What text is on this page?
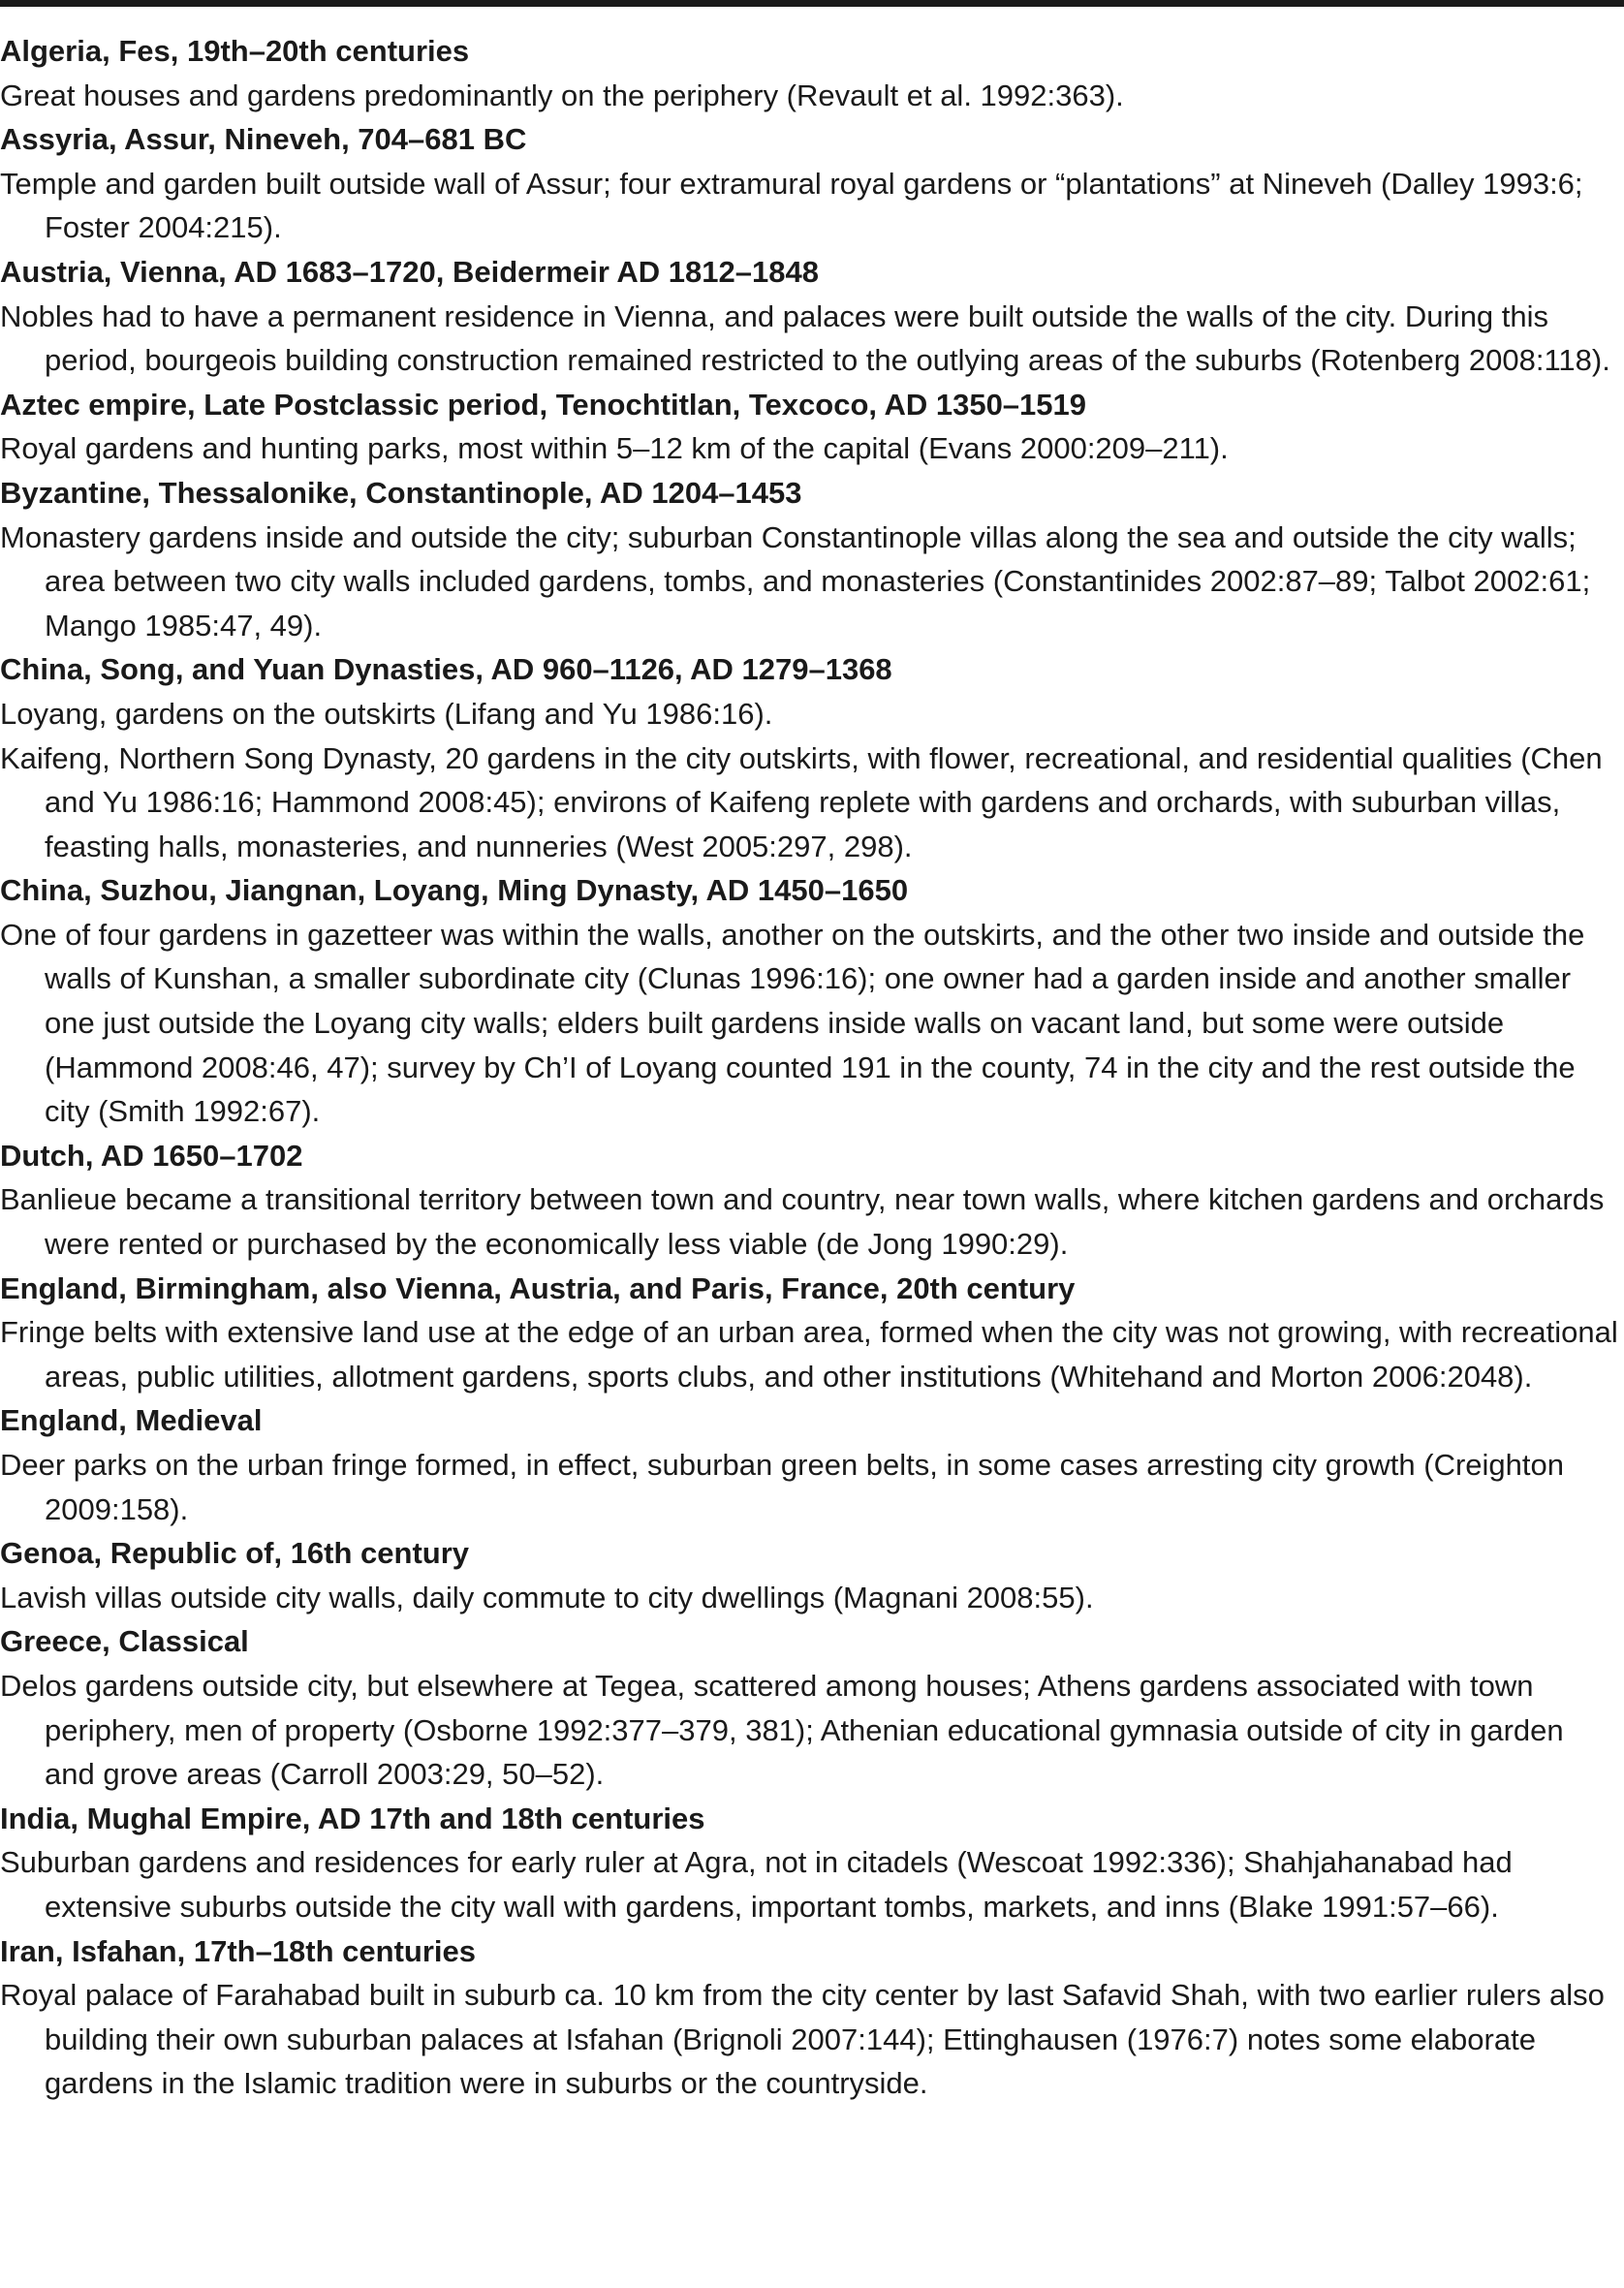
Algeria, Fes, 19th–20th centuries

Great houses and gardens predominantly on the periphery (Revault et al. 1992:363).

Assyria, Assur, Nineveh, 704–681 BC

Temple and garden built outside wall of Assur; four extramural royal gardens or “plantations” at Nineveh (Dalley 1993:6; Foster 2004:215).

Austria, Vienna, AD 1683–1720, Beidermeir AD 1812–1848

Nobles had to have a permanent residence in Vienna, and palaces were built outside the walls of the city. During this period, bourgeois building construction remained restricted to the outlying areas of the suburbs (Rotenberg 2008:118).

Aztec empire, Late Postclassic period, Tenochtitlan, Texcoco, AD 1350–1519

Royal gardens and hunting parks, most within 5–12 km of the capital (Evans 2000:209–211).

Byzantine, Thessalonike, Constantinople, AD 1204–1453

Monastery gardens inside and outside the city; suburban Constantinople villas along the sea and outside the city walls; area between two city walls included gardens, tombs, and monasteries (Constantinides 2002:87–89; Talbot 2002:61; Mango 1985:47, 49).

China, Song, and Yuan Dynasties, AD 960–1126, AD 1279–1368

Loyang, gardens on the outskirts (Lifang and Yu 1986:16).

Kaifeng, Northern Song Dynasty, 20 gardens in the city outskirts, with flower, recreational, and residential qualities (Chen and Yu 1986:16; Hammond 2008:45); environs of Kaifeng replete with gardens and orchards, with suburban villas, feasting halls, monasteries, and nunneries (West 2005:297, 298).

China, Suzhou, Jiangnan, Loyang, Ming Dynasty, AD 1450–1650

One of four gardens in gazetteer was within the walls, another on the outskirts, and the other two inside and outside the walls of Kunshan, a smaller subordinate city (Clunas 1996:16); one owner had a garden inside and another smaller one just outside the Loyang city walls; elders built gardens inside walls on vacant land, but some were outside (Hammond 2008:46, 47); survey by Ch’I of Loyang counted 191 in the county, 74 in the city and the rest outside the city (Smith 1992:67).

Dutch, AD 1650–1702

Banlieue became a transitional territory between town and country, near town walls, where kitchen gardens and orchards were rented or purchased by the economically less viable (de Jong 1990:29).

England, Birmingham, also Vienna, Austria, and Paris, France, 20th century

Fringe belts with extensive land use at the edge of an urban area, formed when the city was not growing, with recreational areas, public utilities, allotment gardens, sports clubs, and other institutions (Whitehand and Morton 2006:2048).

England, Medieval

Deer parks on the urban fringe formed, in effect, suburban green belts, in some cases arresting city growth (Creighton 2009:158).

Genoa, Republic of, 16th century

Lavish villas outside city walls, daily commute to city dwellings (Magnani 2008:55).

Greece, Classical

Delos gardens outside city, but elsewhere at Tegea, scattered among houses; Athens gardens associated with town periphery, men of property (Osborne 1992:377–379, 381); Athenian educational gymnasia outside of city in garden and grove areas (Carroll 2003:29, 50–52).

India, Mughal Empire, AD 17th and 18th centuries

Suburban gardens and residences for early ruler at Agra, not in citadels (Wescoat 1992:336); Shahjahanabad had extensive suburbs outside the city wall with gardens, important tombs, markets, and inns (Blake 1991:57–66).

Iran, Isfahan, 17th–18th centuries

Royal palace of Farahabad built in suburb ca. 10 km from the city center by last Safavid Shah, with two earlier rulers also building their own suburban palaces at Isfahan (Brignoli 2007:144); Ettinghausen (1976:7) notes some elaborate gardens in the Islamic tradition were in suburbs or the countryside.
